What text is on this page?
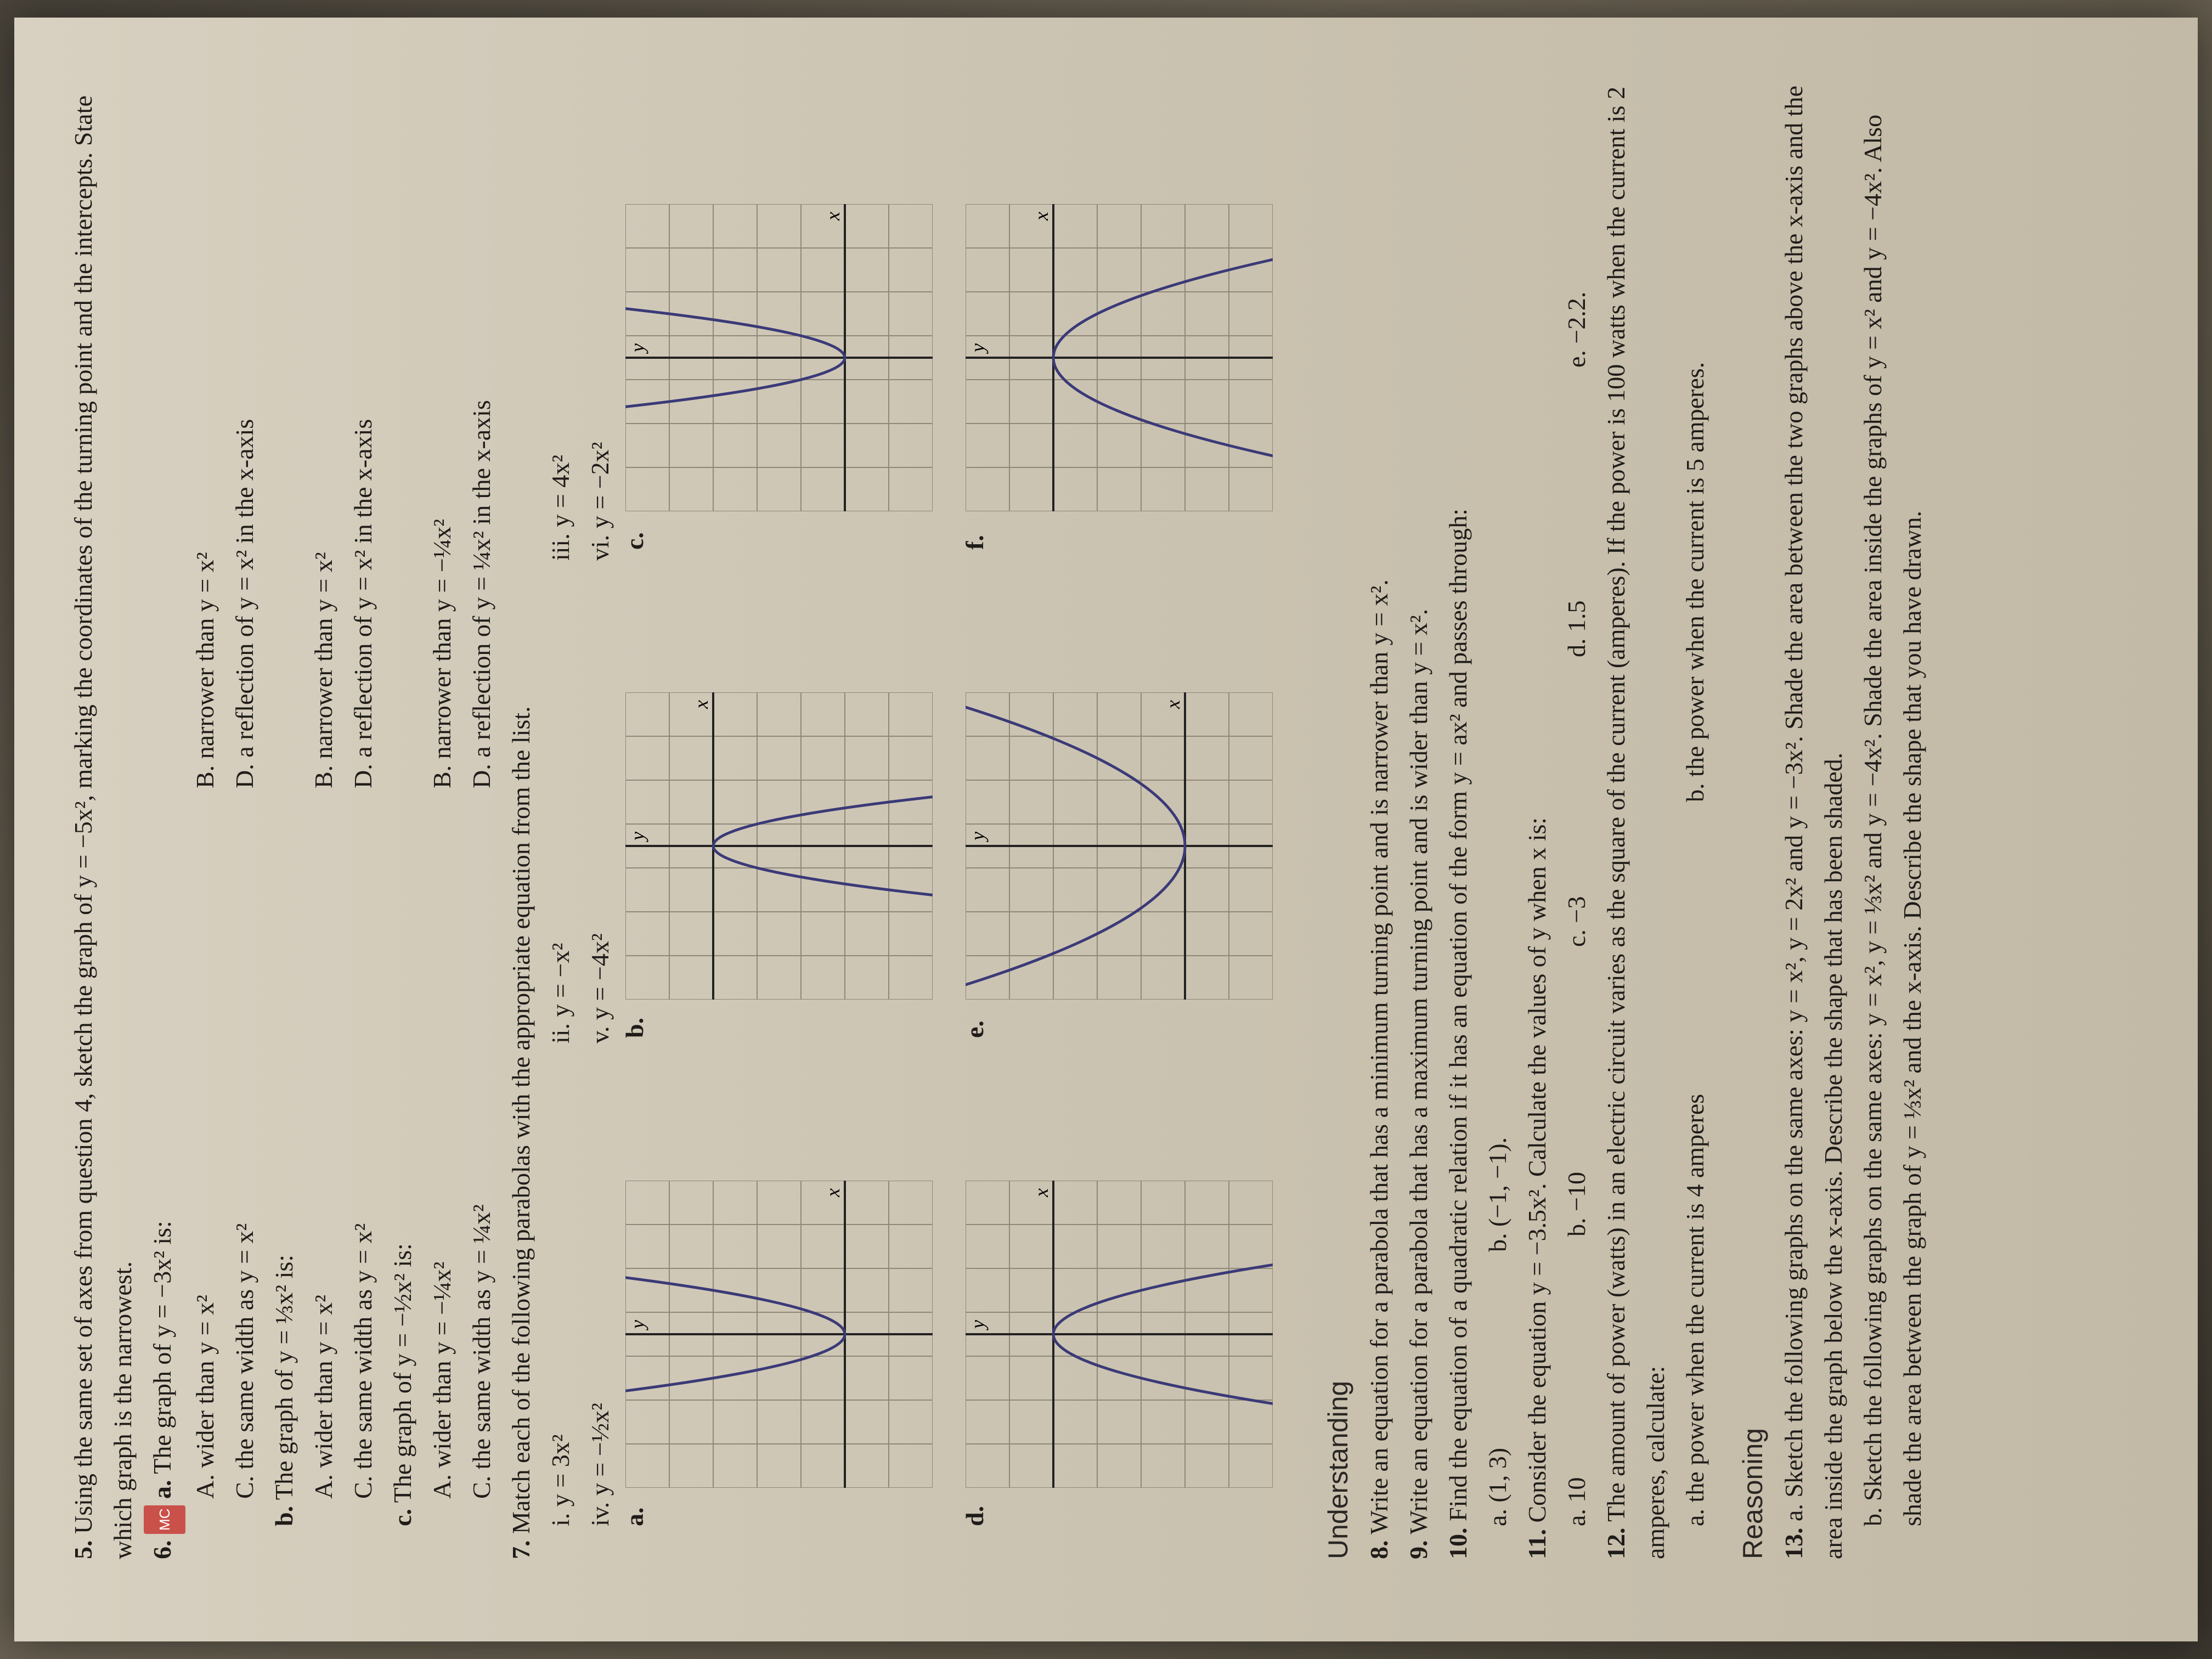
5. Using the same set of axes from question 4, sketch the graph of y = −5x², marking the coordinates of the turning point and the intercepts. State which graph is the narrowest. 6. MC a. The graph of y = −3x² is: A. wider than y = x² C. the same width as y = x²

B. narrower than y = x² D. a reflection of y = x² in the x-axis

b. The graph of y = ⅓x² is: A. wider than y = x² C. the same width as y = x²

B. narrower than y = x² D. a reflection of y = x² in the x-axis

c. The graph of y = −½x² is: A. wider than y = −¼x² C. the same width as y = ¼x²

B. narrower than y = −¼x² D. a reflection of y = ¼x² in the x-axis

7. Match each of the following parabolas with the appropriate equation from the list. i. y = 3x²

ii. y = −x²

iii. y = 4x²

iv. y = −½x²

v. y = −4x²

vi. y = −2x²

a.
x
y
b.
x
y
c.
x
y
d.
x
y
e.
x
y
f.
x
y
Understanding 8. Write an equation for a parabola that has a minimum turning point and is narrower than y = x².

9. Write an equation for a parabola that has a maximum turning point and is wider than y = x².

10. Find the equation of a quadratic relation if it has an equation of the form y = ax² and passes through: a. (1, 3)

b. (−1, −1).

11. Consider the equation y = −3.5x². Calculate the values of y when x is: a. 10

b. −10

c. −3

d. 1.5

e. −2.2.

12. The amount of power (watts) in an electric circuit varies as the square of the current (amperes). If the power is 100 watts when the current is 2 amperes, calculate: a. the power when the current is 4 amperes

b. the power when the current is 5 amperes.

Reasoning 13. a. Sketch the following graphs on the same axes: y = x², y = 2x² and y = −3x². Shade the area between the two graphs above the x-axis and the area inside the graph below the x-axis. Describe the shape that has been shaded. b. Sketch the following graphs on the same axes: y = x², y = ⅓x² and y = −4x². Shade the area inside the graphs of y = x² and y = −4x². Also shade the area between the graph of y = ⅓x² and the x-axis. Describe the shape that you have drawn.
